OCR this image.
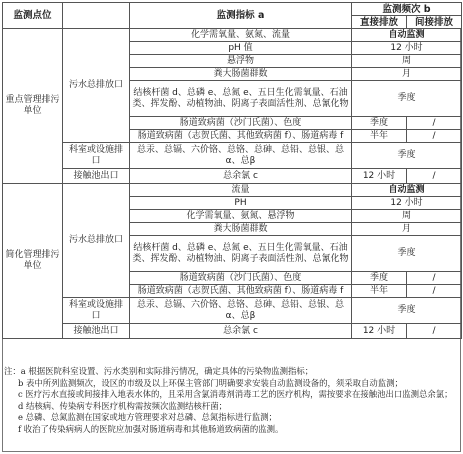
监测点位		监测指标 a	监测频次 b	
			直接排放	间接排放
重点管理排污单位	污水总排放口	化学需氧量、氨氮、流量	自动监测	
		pH 值	12 小时	
		悬浮物	周	
		粪大肠菌群数	月	
		结核杆菌 d、总磷 e、总氮 e、五日生化需氧量、石油类、挥发酚、动植物油、阴离子表面活性剂、总氰化物	季度	
		肠道致病菌（沙门氏菌）、色度	季度	/
		肠道致病菌（志贺氏菌、其他致病菌 f）、肠道病毒 f	半年	/
	科室或设施排口	总汞、总镉、六价铬、总铬、总砷、总铅、总银、总α、总β	季度	
	接触池出口	总余氯 c	12 小时	/
简化管理排污单位	污水总排放口	流量	自动监测	
		PH	12 小时	
		化学需氧量、氨氮、悬浮物	周	
		粪大肠菌群数	月	
		结核杆菌 d、总磷 e、总氮 e、五日生化需氧量、石油类、挥发酚、动植物油、阴离子表面活性剂、总氰化物	季度	
		肠道致病菌（沙门氏菌）、色度	季度	/
		肠道致病菌（志贺氏菌、其他致病菌 f）、肠道病毒 f	半年	/
	科室或设施排口	总汞、总镉、六价铬、总铬、总砷、总铅、总银、总α、总β	季度	
	接触池出口	总余氯 c	12 小时	/

注：a 根据医院科室设置、污水类别和实际排污情况，确定具体的污染物监测指标；

b 表中所列监测频次，设区的市级及以上环保主管部门明确要求安装自动监测设备的，须采取自动监测；

c 医疗污水直接或间接排入地表水体的，且采用含氯消毒剂消毒工艺的医疗机构，需按要求在接触池出口监测总余氯；

d 结核病、传染病专科医疗机构需按频次监测结核杆菌；

e 总磷、总氮监测在国家或地方管理要求对总磷、总氮指标进行监测；

f 收治了传染病病人的医院应加强对肠道病毒和其他肠道致病菌的监测。
